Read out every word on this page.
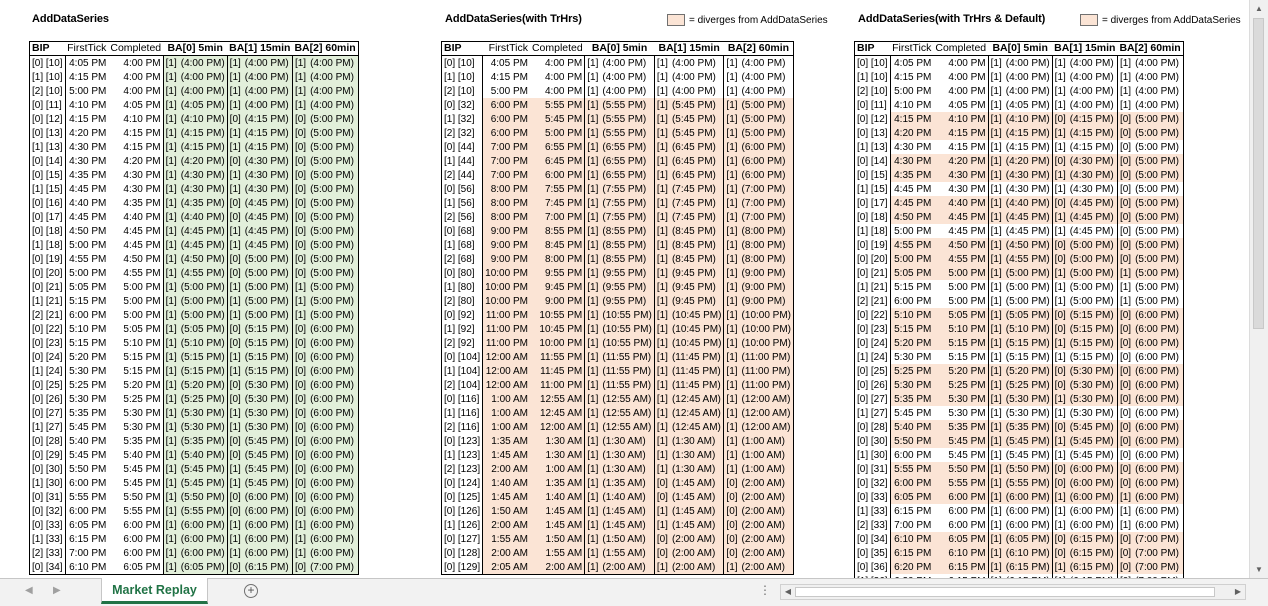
AddDataSeries
BIP	FirstTick	Completed	BA[0] 5min		BA[1] 15min		BA[2] 60min	
[0] [10]	4:05 PM	4:00 PM	[1]	(4:00 PM)	[1]	(4:00 PM)	[1]	(4:00 PM)
[1] [10]	4:15 PM	4:00 PM	[1]	(4:00 PM)	[1]	(4:00 PM)	[1]	(4:00 PM)
[2] [10]	5:00 PM	4:00 PM	[1]	(4:00 PM)	[1]	(4:00 PM)	[1]	(4:00 PM)
[0] [11]	4:10 PM	4:05 PM	[1]	(4:05 PM)	[1]	(4:00 PM)	[1]	(4:00 PM)
[0] [12]	4:15 PM	4:10 PM	[1]	(4:10 PM)	[0]	(4:15 PM)	[0]	(5:00 PM)
[0] [13]	4:20 PM	4:15 PM	[1]	(4:15 PM)	[1]	(4:15 PM)	[0]	(5:00 PM)
[1] [13]	4:30 PM	4:15 PM	[1]	(4:15 PM)	[1]	(4:15 PM)	[0]	(5:00 PM)
[0] [14]	4:30 PM	4:20 PM	[1]	(4:20 PM)	[0]	(4:30 PM)	[0]	(5:00 PM)
[0] [15]	4:35 PM	4:30 PM	[1]	(4:30 PM)	[1]	(4:30 PM)	[0]	(5:00 PM)
[1] [15]	4:45 PM	4:30 PM	[1]	(4:30 PM)	[1]	(4:30 PM)	[0]	(5:00 PM)
[0] [16]	4:40 PM	4:35 PM	[1]	(4:35 PM)	[0]	(4:45 PM)	[0]	(5:00 PM)
[0] [17]	4:45 PM	4:40 PM	[1]	(4:40 PM)	[0]	(4:45 PM)	[0]	(5:00 PM)
[0] [18]	4:50 PM	4:45 PM	[1]	(4:45 PM)	[1]	(4:45 PM)	[0]	(5:00 PM)
[1] [18]	5:00 PM	4:45 PM	[1]	(4:45 PM)	[1]	(4:45 PM)	[0]	(5:00 PM)
[0] [19]	4:55 PM	4:50 PM	[1]	(4:50 PM)	[0]	(5:00 PM)	[0]	(5:00 PM)
[0] [20]	5:00 PM	4:55 PM	[1]	(4:55 PM)	[0]	(5:00 PM)	[0]	(5:00 PM)
[0] [21]	5:05 PM	5:00 PM	[1]	(5:00 PM)	[1]	(5:00 PM)	[1]	(5:00 PM)
[1] [21]	5:15 PM	5:00 PM	[1]	(5:00 PM)	[1]	(5:00 PM)	[1]	(5:00 PM)
[2] [21]	6:00 PM	5:00 PM	[1]	(5:00 PM)	[1]	(5:00 PM)	[1]	(5:00 PM)
[0] [22]	5:10 PM	5:05 PM	[1]	(5:05 PM)	[0]	(5:15 PM)	[0]	(6:00 PM)
[0] [23]	5:15 PM	5:10 PM	[1]	(5:10 PM)	[0]	(5:15 PM)	[0]	(6:00 PM)
[0] [24]	5:20 PM	5:15 PM	[1]	(5:15 PM)	[1]	(5:15 PM)	[0]	(6:00 PM)
[1] [24]	5:30 PM	5:15 PM	[1]	(5:15 PM)	[1]	(5:15 PM)	[0]	(6:00 PM)
[0] [25]	5:25 PM	5:20 PM	[1]	(5:20 PM)	[0]	(5:30 PM)	[0]	(6:00 PM)
[0] [26]	5:30 PM	5:25 PM	[1]	(5:25 PM)	[0]	(5:30 PM)	[0]	(6:00 PM)
[0] [27]	5:35 PM	5:30 PM	[1]	(5:30 PM)	[1]	(5:30 PM)	[0]	(6:00 PM)
[1] [27]	5:45 PM	5:30 PM	[1]	(5:30 PM)	[1]	(5:30 PM)	[0]	(6:00 PM)
[0] [28]	5:40 PM	5:35 PM	[1]	(5:35 PM)	[0]	(5:45 PM)	[0]	(6:00 PM)
[0] [29]	5:45 PM	5:40 PM	[1]	(5:40 PM)	[0]	(5:45 PM)	[0]	(6:00 PM)
[0] [30]	5:50 PM	5:45 PM	[1]	(5:45 PM)	[1]	(5:45 PM)	[0]	(6:00 PM)
[1] [30]	6:00 PM	5:45 PM	[1]	(5:45 PM)	[1]	(5:45 PM)	[0]	(6:00 PM)
[0] [31]	5:55 PM	5:50 PM	[1]	(5:50 PM)	[0]	(6:00 PM)	[0]	(6:00 PM)
[0] [32]	6:00 PM	5:55 PM	[1]	(5:55 PM)	[0]	(6:00 PM)	[0]	(6:00 PM)
[0] [33]	6:05 PM	6:00 PM	[1]	(6:00 PM)	[1]	(6:00 PM)	[1]	(6:00 PM)
[1] [33]	6:15 PM	6:00 PM	[1]	(6:00 PM)	[1]	(6:00 PM)	[1]	(6:00 PM)
[2] [33]	7:00 PM	6:00 PM	[1]	(6:00 PM)	[1]	(6:00 PM)	[1]	(6:00 PM)
[0] [34]	6:10 PM	6:05 PM	[1]	(6:05 PM)	[0]	(6:15 PM)	[0]	(7:00 PM)
AddDataSeries(with TrHrs)	= diverges from AddDataSeries
BIP	FirstTick	Completed	BA[0] 5min		BA[1] 15min		BA[2] 60min	
[0] [10]	4:05 PM	4:00 PM	[1]	(4:00 PM)	[1]	(4:00 PM)	[1]	(4:00 PM)
[1] [10]	4:15 PM	4:00 PM	[1]	(4:00 PM)	[1]	(4:00 PM)	[1]	(4:00 PM)
[2] [10]	5:00 PM	4:00 PM	[1]	(4:00 PM)	[1]	(4:00 PM)	[1]	(4:00 PM)
[0] [32]	6:00 PM	5:55 PM	[1]	(5:55 PM)	[1]	(5:45 PM)	[1]	(5:00 PM)
[1] [32]	6:00 PM	5:45 PM	[1]	(5:55 PM)	[1]	(5:45 PM)	[1]	(5:00 PM)
[2] [32]	6:00 PM	5:00 PM	[1]	(5:55 PM)	[1]	(5:45 PM)	[1]	(5:00 PM)
[0] [44]	7:00 PM	6:55 PM	[1]	(6:55 PM)	[1]	(6:45 PM)	[1]	(6:00 PM)
[1] [44]	7:00 PM	6:45 PM	[1]	(6:55 PM)	[1]	(6:45 PM)	[1]	(6:00 PM)
[2] [44]	7:00 PM	6:00 PM	[1]	(6:55 PM)	[1]	(6:45 PM)	[1]	(6:00 PM)
[0] [56]	8:00 PM	7:55 PM	[1]	(7:55 PM)	[1]	(7:45 PM)	[1]	(7:00 PM)
[1] [56]	8:00 PM	7:45 PM	[1]	(7:55 PM)	[1]	(7:45 PM)	[1]	(7:00 PM)
[2] [56]	8:00 PM	7:00 PM	[1]	(7:55 PM)	[1]	(7:45 PM)	[1]	(7:00 PM)
[0] [68]	9:00 PM	8:55 PM	[1]	(8:55 PM)	[1]	(8:45 PM)	[1]	(8:00 PM)
[1] [68]	9:00 PM	8:45 PM	[1]	(8:55 PM)	[1]	(8:45 PM)	[1]	(8:00 PM)
[2] [68]	9:00 PM	8:00 PM	[1]	(8:55 PM)	[1]	(8:45 PM)	[1]	(8:00 PM)
[0] [80]	10:00 PM	9:55 PM	[1]	(9:55 PM)	[1]	(9:45 PM)	[1]	(9:00 PM)
[1] [80]	10:00 PM	9:45 PM	[1]	(9:55 PM)	[1]	(9:45 PM)	[1]	(9:00 PM)
[2] [80]	10:00 PM	9:00 PM	[1]	(9:55 PM)	[1]	(9:45 PM)	[1]	(9:00 PM)
[0] [92]	11:00 PM	10:55 PM	[1]	(10:55 PM)	[1]	(10:45 PM)	[1]	(10:00 PM)
[1] [92]	11:00 PM	10:45 PM	[1]	(10:55 PM)	[1]	(10:45 PM)	[1]	(10:00 PM)
[2] [92]	11:00 PM	10:00 PM	[1]	(10:55 PM)	[1]	(10:45 PM)	[1]	(10:00 PM)
[0] [104]	12:00 AM	11:55 PM	[1]	(11:55 PM)	[1]	(11:45 PM)	[1]	(11:00 PM)
[1] [104]	12:00 AM	11:45 PM	[1]	(11:55 PM)	[1]	(11:45 PM)	[1]	(11:00 PM)
[2] [104]	12:00 AM	11:00 PM	[1]	(11:55 PM)	[1]	(11:45 PM)	[1]	(11:00 PM)
[0] [116]	1:00 AM	12:55 AM	[1]	(12:55 AM)	[1]	(12:45 AM)	[1]	(12:00 AM)
[1] [116]	1:00 AM	12:45 AM	[1]	(12:55 AM)	[1]	(12:45 AM)	[1]	(12:00 AM)
[2] [116]	1:00 AM	12:00 AM	[1]	(12:55 AM)	[1]	(12:45 AM)	[1]	(12:00 AM)
[0] [123]	1:35 AM	1:30 AM	[1]	(1:30 AM)	[1]	(1:30 AM)	[1]	(1:00 AM)
[1] [123]	1:45 AM	1:30 AM	[1]	(1:30 AM)	[1]	(1:30 AM)	[1]	(1:00 AM)
[2] [123]	2:00 AM	1:00 AM	[1]	(1:30 AM)	[1]	(1:30 AM)	[1]	(1:00 AM)
[0] [124]	1:40 AM	1:35 AM	[1]	(1:35 AM)	[0]	(1:45 AM)	[0]	(2:00 AM)
[0] [125]	1:45 AM	1:40 AM	[1]	(1:40 AM)	[0]	(1:45 AM)	[0]	(2:00 AM)
[0] [126]	1:50 AM	1:45 AM	[1]	(1:45 AM)	[1]	(1:45 AM)	[0]	(2:00 AM)
[1] [126]	2:00 AM	1:45 AM	[1]	(1:45 AM)	[1]	(1:45 AM)	[0]	(2:00 AM)
[0] [127]	1:55 AM	1:50 AM	[1]	(1:50 AM)	[0]	(2:00 AM)	[0]	(2:00 AM)
[0] [128]	2:00 AM	1:55 AM	[1]	(1:55 AM)	[0]	(2:00 AM)	[0]	(2:00 AM)
[0] [129]	2:05 AM	2:00 AM	[1]	(2:00 AM)	[1]	(2:00 AM)	[1]	(2:00 AM)
AddDataSeries(with TrHrs & Default)	= diverges from AddDataSeries
BIP	FirstTick	Completed	BA[0] 5min		BA[1] 15min		BA[2] 60min	
[0] [10]	4:05 PM	4:00 PM	[1]	(4:00 PM)	[1]	(4:00 PM)	[1]	(4:00 PM)
[1] [10]	4:15 PM	4:00 PM	[1]	(4:00 PM)	[1]	(4:00 PM)	[1]	(4:00 PM)
[2] [10]	5:00 PM	4:00 PM	[1]	(4:00 PM)	[1]	(4:00 PM)	[1]	(4:00 PM)
[0] [11]	4:10 PM	4:05 PM	[1]	(4:05 PM)	[1]	(4:00 PM)	[1]	(4:00 PM)
[0] [12]	4:15 PM	4:10 PM	[1]	(4:10 PM)	[0]	(4:15 PM)	[0]	(5:00 PM)
[0] [13]	4:20 PM	4:15 PM	[1]	(4:15 PM)	[1]	(4:15 PM)	[0]	(5:00 PM)
[1] [13]	4:30 PM	4:15 PM	[1]	(4:15 PM)	[1]	(4:15 PM)	[0]	(5:00 PM)
[0] [14]	4:30 PM	4:20 PM	[1]	(4:20 PM)	[0]	(4:30 PM)	[0]	(5:00 PM)
[0] [15]	4:35 PM	4:30 PM	[1]	(4:30 PM)	[1]	(4:30 PM)	[0]	(5:00 PM)
[1] [15]	4:45 PM	4:30 PM	[1]	(4:30 PM)	[1]	(4:30 PM)	[0]	(5:00 PM)
[0] [17]	4:45 PM	4:40 PM	[1]	(4:40 PM)	[0]	(4:45 PM)	[0]	(5:00 PM)
[0] [18]	4:50 PM	4:45 PM	[1]	(4:45 PM)	[1]	(4:45 PM)	[0]	(5:00 PM)
[1] [18]	5:00 PM	4:45 PM	[1]	(4:45 PM)	[1]	(4:45 PM)	[0]	(5:00 PM)
[0] [19]	4:55 PM	4:50 PM	[1]	(4:50 PM)	[0]	(5:00 PM)	[0]	(5:00 PM)
[0] [20]	5:00 PM	4:55 PM	[1]	(4:55 PM)	[0]	(5:00 PM)	[0]	(5:00 PM)
[0] [21]	5:05 PM	5:00 PM	[1]	(5:00 PM)	[1]	(5:00 PM)	[1]	(5:00 PM)
[1] [21]	5:15 PM	5:00 PM	[1]	(5:00 PM)	[1]	(5:00 PM)	[1]	(5:00 PM)
[2] [21]	6:00 PM	5:00 PM	[1]	(5:00 PM)	[1]	(5:00 PM)	[1]	(5:00 PM)
[0] [22]	5:10 PM	5:05 PM	[1]	(5:05 PM)	[0]	(5:15 PM)	[0]	(6:00 PM)
[0] [23]	5:15 PM	5:10 PM	[1]	(5:10 PM)	[0]	(5:15 PM)	[0]	(6:00 PM)
[0] [24]	5:20 PM	5:15 PM	[1]	(5:15 PM)	[1]	(5:15 PM)	[0]	(6:00 PM)
[1] [24]	5:30 PM	5:15 PM	[1]	(5:15 PM)	[1]	(5:15 PM)	[0]	(6:00 PM)
[0] [25]	5:25 PM	5:20 PM	[1]	(5:20 PM)	[0]	(5:30 PM)	[0]	(6:00 PM)
[0] [26]	5:30 PM	5:25 PM	[1]	(5:25 PM)	[0]	(5:30 PM)	[0]	(6:00 PM)
[0] [27]	5:35 PM	5:30 PM	[1]	(5:30 PM)	[1]	(5:30 PM)	[0]	(6:00 PM)
[1] [27]	5:45 PM	5:30 PM	[1]	(5:30 PM)	[1]	(5:30 PM)	[0]	(6:00 PM)
[0] [28]	5:40 PM	5:35 PM	[1]	(5:35 PM)	[0]	(5:45 PM)	[0]	(6:00 PM)
[0] [30]	5:50 PM	5:45 PM	[1]	(5:45 PM)	[1]	(5:45 PM)	[0]	(6:00 PM)
[1] [30]	6:00 PM	5:45 PM	[1]	(5:45 PM)	[1]	(5:45 PM)	[0]	(6:00 PM)
[0] [31]	5:55 PM	5:50 PM	[1]	(5:50 PM)	[0]	(6:00 PM)	[0]	(6:00 PM)
[0] [32]	6:00 PM	5:55 PM	[1]	(5:55 PM)	[0]	(6:00 PM)	[0]	(6:00 PM)
[0] [33]	6:05 PM	6:00 PM	[1]	(6:00 PM)	[1]	(6:00 PM)	[1]	(6:00 PM)
[1] [33]	6:15 PM	6:00 PM	[1]	(6:00 PM)	[1]	(6:00 PM)	[1]	(6:00 PM)
[2] [33]	7:00 PM	6:00 PM	[1]	(6:00 PM)	[1]	(6:00 PM)	[1]	(6:00 PM)
[0] [34]	6:10 PM	6:05 PM	[1]	(6:05 PM)	[0]	(6:15 PM)	[0]	(7:00 PM)
[0] [35]	6:15 PM	6:10 PM	[1]	(6:10 PM)	[0]	(6:15 PM)	[0]	(7:00 PM)
[0] [36]	6:20 PM	6:15 PM	[1]	(6:15 PM)	[1]	(6:15 PM)	[0]	(7:00 PM)

▲
▼
◀ ▶	Market Replay	+	⋮	◀	▶
